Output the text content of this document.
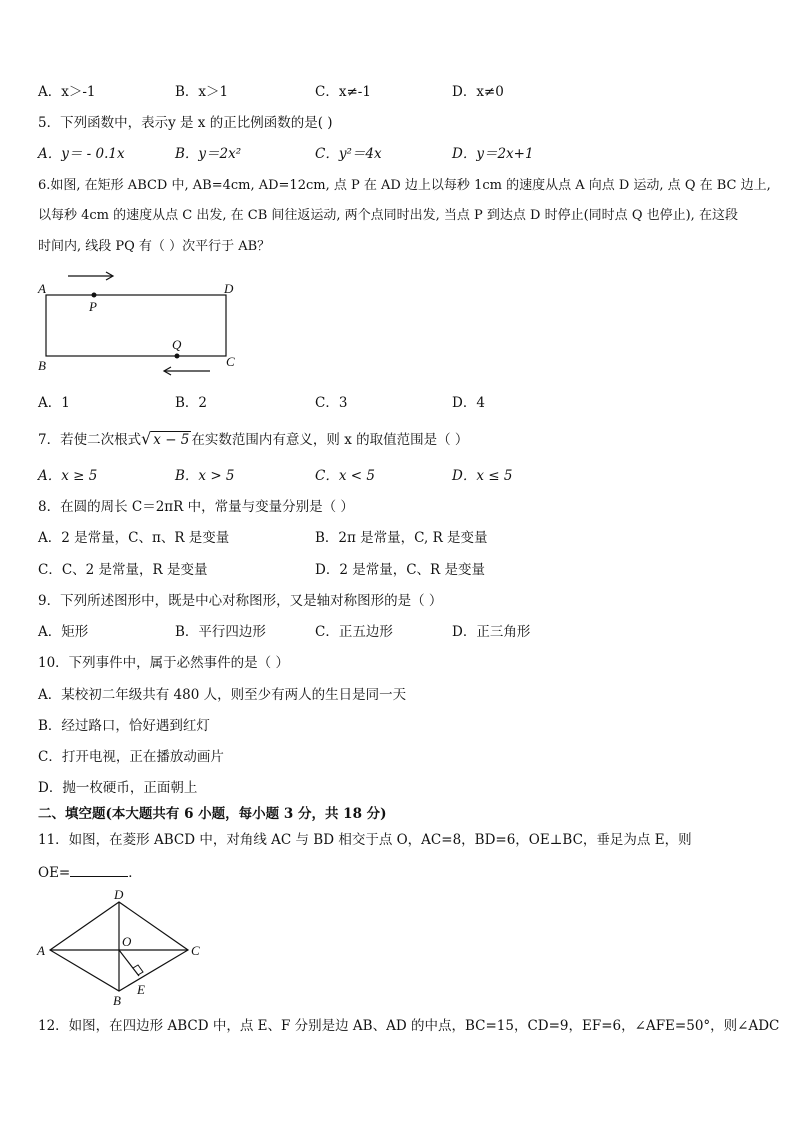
A．x＞-1	B．x＞1	C．x≠-1	D．x≠0
5．下列函数中，表示y 是 x 的正比例函数的是( )
A．y＝ - 0.1x	B．y＝2x²	C．y²＝4x	D．y＝2x+1
6.如图, 在矩形 ABCD 中, AB=4cm, AD=12cm, 点 P 在 AD 边上以每秒 1cm 的速度从点 A 向点 D 运动, 点 Q 在 BC 边上,
以每秒 4cm 的速度从点 C 出发, 在 CB 间往返运动, 两个点同时出发, 当点 P 到达点 D 时停止(同时点 Q 也停止), 在这段
时间内, 线段 PQ 有（ ）次平行于 AB？
A	D
P
Q
B	C
A．1	B．2	C．3	D．4
7．若使二次根式√ x − 5 在实数范围内有意义，则 x 的取值范围是（ ）
A．x ≥ 5	B．x > 5	C．x < 5	D．x ≤ 5
8．在圆的周长 C＝2πR 中，常量与变量分别是（ ）
A．2 是常量，C、π、R 是变量	B．2π 是常量，C, R 是变量
C．C、2 是常量，R 是变量	D．2 是常量，C、R 是变量
9．下列所述图形中，既是中心对称图形，又是轴对称图形的是（ ）
A．矩形	B．平行四边形	C．正五边形	D．正三角形
10．下列事件中，属于必然事件的是（ ）
A．某校初二年级共有 480 人，则至少有两人的生日是同一天
B．经过路口，恰好遇到红灯
C．打开电视，正在播放动画片
D．抛一枚硬币，正面朝上
二、填空题(本大题共有 6 小题，每小题 3 分，共 18 分)
11．如图，在菱形 ABCD 中，对角线 AC 与 BD 相交于点 O，AC=8，BD=6，OE⊥BC，垂足为点 E，则
OE=	．
D
A
O
C
B
E
12．如图，在四边形 ABCD 中，点 E、F 分别是边 AB、AD 的中点，BC=15，CD=9，EF=6，∠AFE=50°，则∠ADC
